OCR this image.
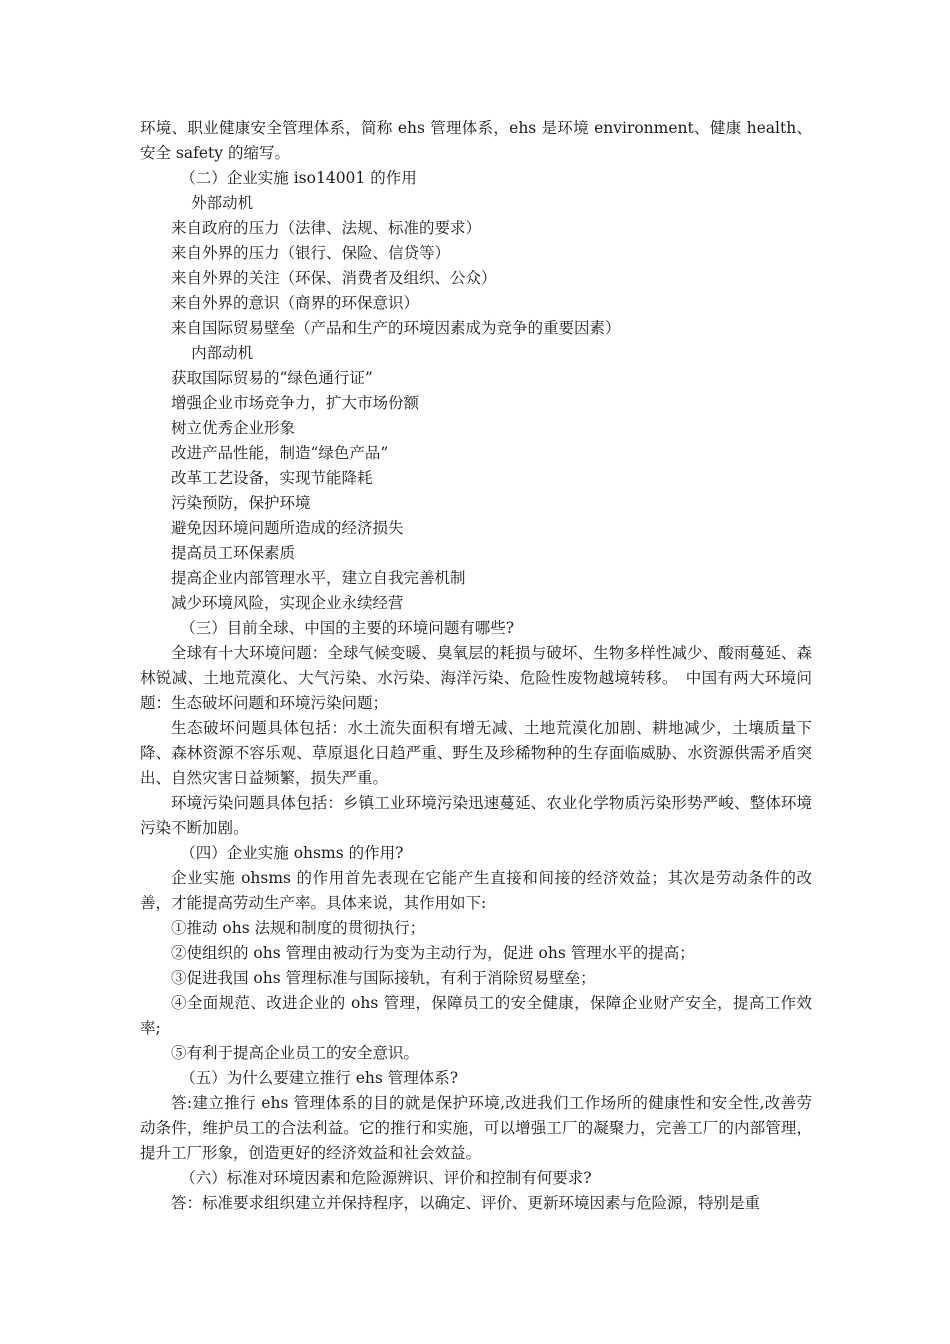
环境、职业健康安全管理体系，简称 ehs 管理体系，ehs 是环境 environment、健康 health、安全 safety 的缩写。

（二）企业实施 iso14001 的作用

外部动机

来自政府的压力（法律、法规、标准的要求）

来自外界的压力（银行、保险、信贷等）

来自外界的关注（环保、消费者及组织、公众）

来自外界的意识（商界的环保意识）

来自国际贸易壁垒（产品和生产的环境因素成为竞争的重要因素）

内部动机

获取国际贸易的“绿色通行证”

增强企业市场竞争力，扩大市场份额

树立优秀企业形象

改进产品性能，制造“绿色产品”

改革工艺设备，实现节能降耗

污染预防，保护环境

避免因环境问题所造成的经济损失

提高员工环保素质

提高企业内部管理水平，建立自我完善机制

减少环境风险，实现企业永续经营

（三）目前全球、中国的主要的环境问题有哪些?

全球有十大环境问题：全球气候变暖、臭氧层的耗损与破坏、生物多样性减少、酸雨蔓延、森林锐减、土地荒漠化、大气污染、水污染、海洋污染、危险性废物越境转移。　中国有两大环境问题：生态破坏问题和环境污染问题；

生态破坏问题具体包括：水土流失面积有增无减、土地荒漠化加剧、耕地减少，土壤质量下降、森林资源不容乐观、草原退化日趋严重、野生及珍稀物种的生存面临威胁、水资源供需矛盾突出、自然灾害日益频繁，损失严重。

环境污染问题具体包括：乡镇工业环境污染迅速蔓延、农业化学物质污染形势严峻、整体环境污染不断加剧。

（四）企业实施 ohsms 的作用?

企业实施 ohsms 的作用首先表现在它能产生直接和间接的经济效益；其次是劳动条件的改善，才能提高劳动生产率。具体来说，其作用如下:

①推动 ohs 法规和制度的贯彻执行；

②使组织的 ohs 管理由被动行为变为主动行为，促进 ohs 管理水平的提高；

③促进我国 ohs 管理标准与国际接轨，有利于消除贸易壁垒；

④全面规范、改进企业的 ohs 管理，保障员工的安全健康，保障企业财产安全，提高工作效率;

⑤有利于提高企业员工的安全意识。

（五）为什么要建立推行 ehs 管理体系?

答:建立推行 ehs 管理体系的目的就是保护环境,改进我们工作场所的健康性和安全性,改善劳动条件，维护员工的合法利益。它的推行和实施，可以增强工厂的凝聚力，完善工厂的内部管理，提升工厂形象，创造更好的经济效益和社会效益。

（六）标准对环境因素和危险源辨识、评价和控制有何要求?

答：标准要求组织建立并保持程序，以确定、评价、更新环境因素与危险源，特别是重
